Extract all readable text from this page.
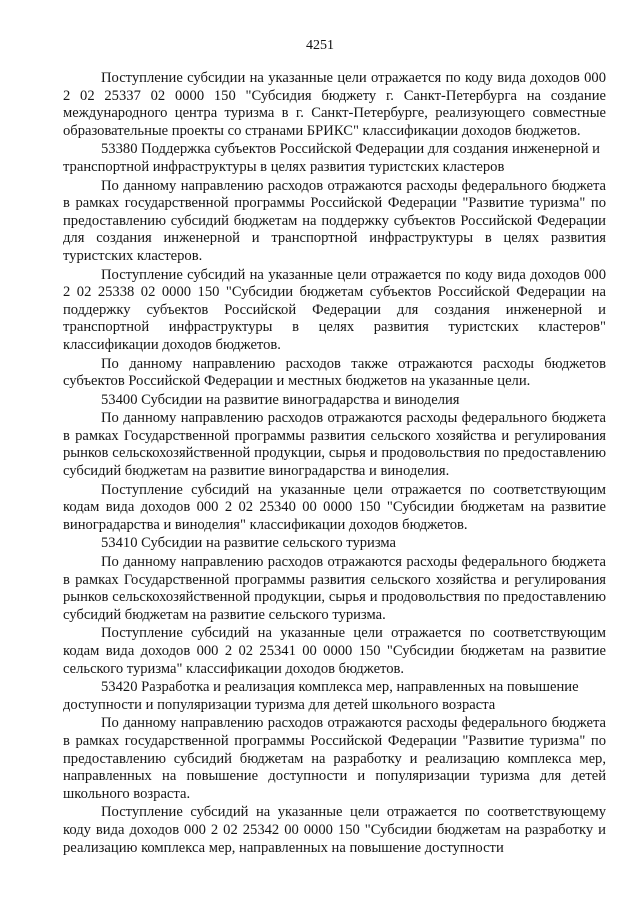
4251

Поступление субсидии на указанные цели отражается по коду вида доходов 000 2 02 25337 02 0000 150 "Субсидия бюджету г. Санкт-Петербурга на создание международного центра туризма в г. Санкт-Петербурге, реализующего совместные образовательные проекты со странами БРИКС" классификации доходов бюджетов.

53380 Поддержка субъектов Российской Федерации для создания инженерной и транспортной инфраструктуры в целях развития туристских кластеров

По данному направлению расходов отражаются расходы федерального бюджета в рамках государственной программы Российской Федерации "Развитие туризма" по предоставлению субсидий бюджетам на поддержку субъектов Российской Федерации для создания инженерной и транспортной инфраструктуры в целях развития туристских кластеров.

Поступление субсидий на указанные цели отражается по коду вида доходов 000 2 02 25338 02 0000 150 "Субсидии бюджетам субъектов Российской Федерации на поддержку субъектов Российской Федерации для создания инженерной и транспортной инфраструктуры в целях развития туристских кластеров" классификации доходов бюджетов.

По данному направлению расходов также отражаются расходы бюджетов субъектов Российской Федерации и местных бюджетов на указанные цели.

53400 Субсидии на развитие виноградарства и виноделия

По данному направлению расходов отражаются расходы федерального бюджета в рамках Государственной программы развития сельского хозяйства и регулирования рынков сельскохозяйственной продукции, сырья и продовольствия по предоставлению субсидий бюджетам на развитие виноградарства и виноделия.

Поступление субсидий на указанные цели отражается по соответствующим кодам вида доходов 000 2 02 25340 00 0000 150 "Субсидии бюджетам на развитие виноградарства и виноделия" классификации доходов бюджетов.

53410 Субсидии на развитие сельского туризма

По данному направлению расходов отражаются расходы федерального бюджета в рамках Государственной программы развития сельского хозяйства и регулирования рынков сельскохозяйственной продукции, сырья и продовольствия по предоставлению субсидий бюджетам на развитие сельского туризма.

Поступление субсидий на указанные цели отражается по соответствующим кодам вида доходов 000 2 02 25341 00 0000 150 "Субсидии бюджетам на развитие сельского туризма" классификации доходов бюджетов.

53420 Разработка и реализация комплекса мер, направленных на повышение доступности и популяризации туризма для детей школьного возраста

По данному направлению расходов отражаются расходы федерального бюджета в рамках государственной программы Российской Федерации "Развитие туризма" по предоставлению субсидий бюджетам на разработку и реализацию комплекса мер, направленных на повышение доступности и популяризации туризма для детей школьного возраста.

Поступление субсидий на указанные цели отражается по соответствующему коду вида доходов 000 2 02 25342 00 0000 150 "Субсидии бюджетам на разработку и реализацию комплекса мер, направленных на повышение доступности
